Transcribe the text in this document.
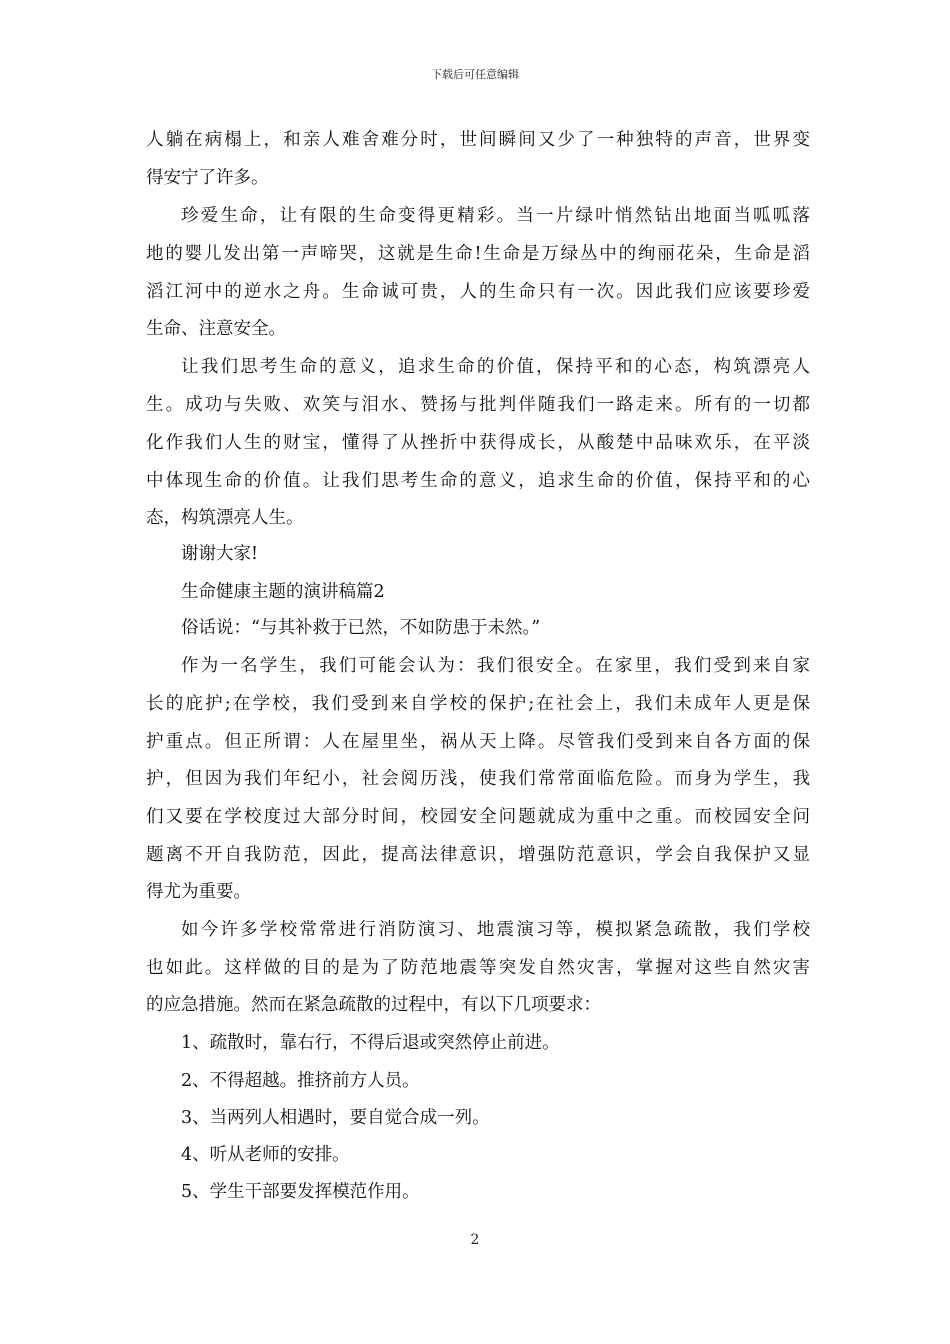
下载后可任意编辑
人躺在病榻上，和亲人难舍难分时，世间瞬间又少了一种独特的声音，世界变
得安宁了许多。
珍爱生命，让有限的生命变得更精彩。当一片绿叶悄然钻出地面当呱呱落
地的婴儿发出第一声啼哭，这就是生命!生命是万绿丛中的绚丽花朵，生命是滔
滔江河中的逆水之舟。生命诚可贵，人的生命只有一次。因此我们应该要珍爱
生命、注意安全。
让我们思考生命的意义，追求生命的价值，保持平和的心态，构筑漂亮人
生。成功与失败、欢笑与泪水、赞扬与批判伴随我们一路走来。所有的一切都
化作我们人生的财宝，懂得了从挫折中获得成长，从酸楚中品味欢乐，在平淡
中体现生命的价值。让我们思考生命的意义，追求生命的价值，保持平和的心
态，构筑漂亮人生。
谢谢大家!
生命健康主题的演讲稿篇2
俗话说：“与其补救于已然，不如防患于未然。”
作为一名学生，我们可能会认为：我们很安全。在家里，我们受到来自家
长的庇护;在学校，我们受到来自学校的保护;在社会上，我们未成年人更是保
护重点。但正所谓：人在屋里坐，祸从天上降。尽管我们受到来自各方面的保
护，但因为我们年纪小，社会阅历浅，使我们常常面临危险。而身为学生，我
们又要在学校度过大部分时间，校园安全问题就成为重中之重。而校园安全问
题离不开自我防范，因此，提高法律意识，增强防范意识，学会自我保护又显
得尤为重要。
如今许多学校常常进行消防演习、地震演习等，模拟紧急疏散，我们学校
也如此。这样做的目的是为了防范地震等突发自然灾害，掌握对这些自然灾害
的应急措施。然而在紧急疏散的过程中，有以下几项要求：
1、疏散时，靠右行，不得后退或突然停止前进。
2、不得超越。推挤前方人员。
3、当两列人相遇时，要自觉合成一列。
4、听从老师的安排。
5、学生干部要发挥模范作用。
2
